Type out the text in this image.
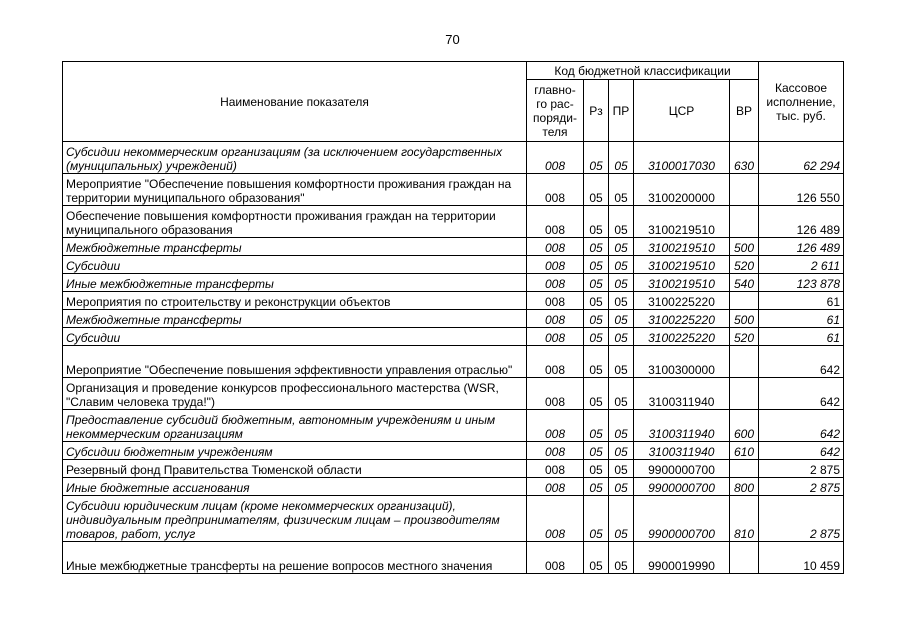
70
Наименование показателя	Код бюджетной классификации					Кассовое исполнение, тыс. руб.
	главно-го рас-поряди-теля	Рз	ПР	ЦСР	ВР	
Субсидии некоммерческим организациям (за исключением государственных (муниципальных) учреждений)	008	05	05	3100017030	630	62 294
Мероприятие "Обеспечение повышения комфортности проживания граждан на территории муниципального образования"	008	05	05	3100200000		126 550
Обеспечение повышения комфортности проживания граждан на территории муниципального образования	008	05	05	3100219510		126 489
Межбюджетные трансферты	008	05	05	3100219510	500	126 489
Субсидии	008	05	05	3100219510	520	2 611
Иные межбюджетные трансферты	008	05	05	3100219510	540	123 878
Мероприятия по строительству и реконструкции объектов	008	05	05	3100225220		61
Межбюджетные трансферты	008	05	05	3100225220	500	61
Субсидии	008	05	05	3100225220	520	61
Мероприятие "Обеспечение повышения эффективности управления отраслью"	008	05	05	3100300000		642
Организация и проведение конкурсов профессионального мастерства (WSR, "Славим человека труда!")	008	05	05	3100311940		642
Предоставление субсидий бюджетным, автономным учреждениям и иным некоммерческим организациям	008	05	05	3100311940	600	642
Субсидии бюджетным учреждениям	008	05	05	3100311940	610	642
Резервный фонд Правительства Тюменской области	008	05	05	9900000700		2 875
Иные бюджетные ассигнования	008	05	05	9900000700	800	2 875
Субсидии юридическим лицам (кроме некоммерческих организаций), индивидуальным предпринимателям, физическим лицам – производителям товаров, работ, услуг	008	05	05	9900000700	810	2 875
Иные межбюджетные трансферты на решение вопросов местного значения	008	05	05	9900019990		10 459
